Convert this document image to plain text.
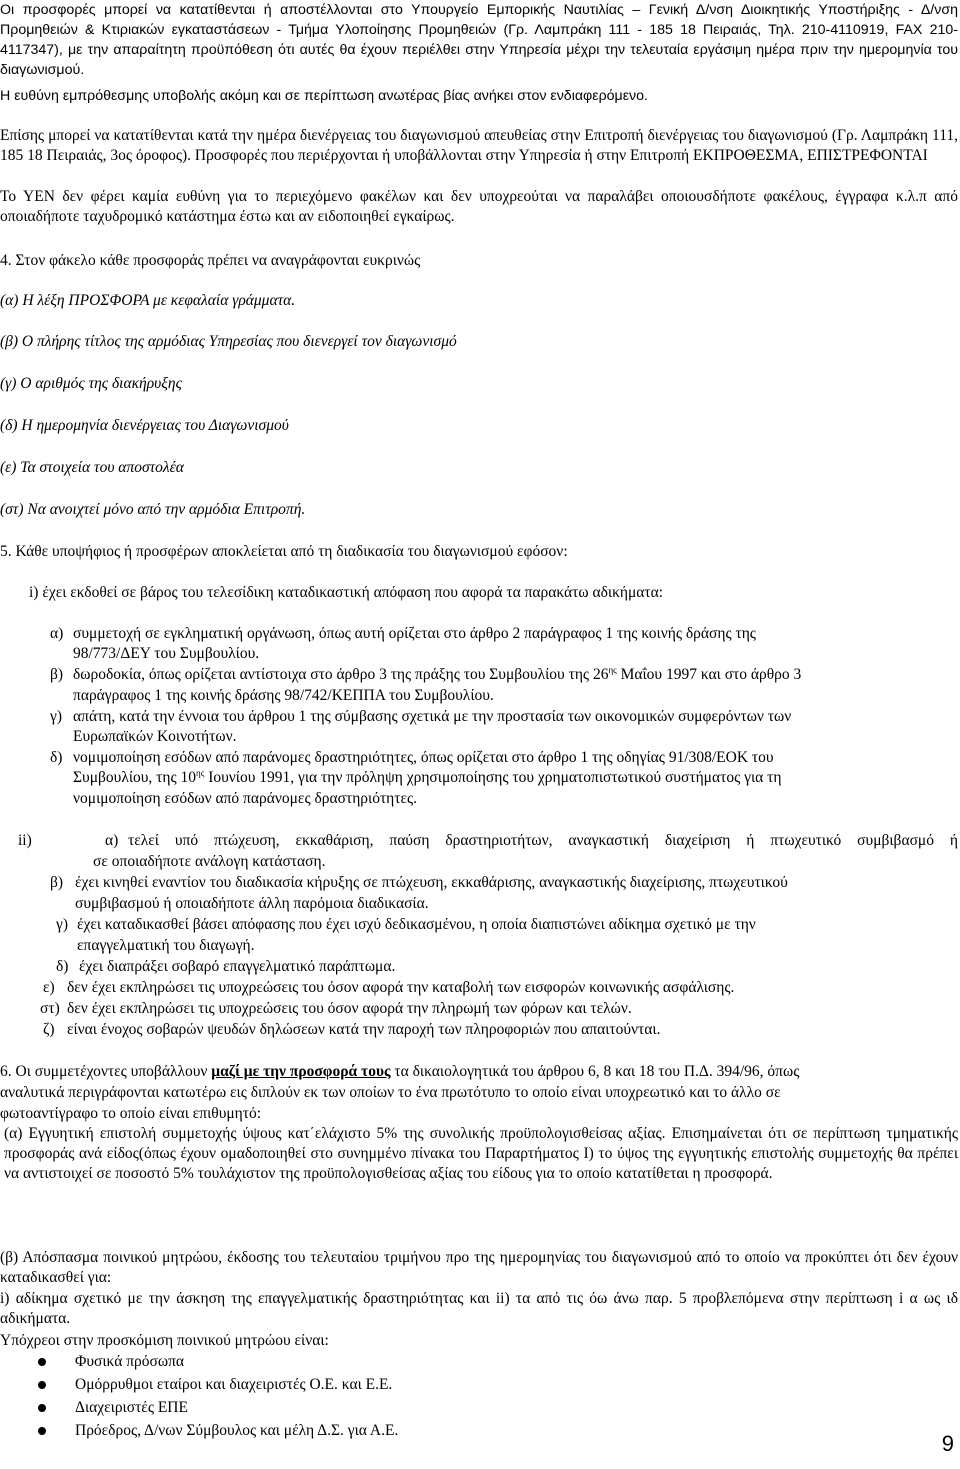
Οι προσφορές μπορεί να κατατίθενται ή αποστέλλονται στο Υπουργείο Εμπορικής Ναυτιλίας – Γενική Δ/νση Διοικητικής Υποστήριξης - Δ/νση Προμηθειών & Κτιριακών εγκαταστάσεων - Τμήμα Υλοποίησης Προμηθειών (Γρ. Λαμπράκη 111 - 185 18 Πειραιάς, Τηλ. 210-4110919, FAX 210-4117347), με την απαραίτητη προϋπόθεση ότι αυτές θα έχουν περιέλθει στην Υπηρεσία μέχρι την τελευταία εργάσιμη ημέρα πριν την ημερομηνία του διαγωνισμού.

Η ευθύνη εμπρόθεσμης υποβολής ακόμη και σε περίπτωση ανωτέρας βίας ανήκει στον ενδιαφερόμενο.

Επίσης μπορεί να κατατίθενται κατά την ημέρα διενέργειας του διαγωνισμού απευθείας στην Επιτροπή διενέργειας του διαγωνισμού (Γρ. Λαμπράκη 111, 185 18 Πειραιάς, 3ος όροφος). Προσφορές που περιέρχονται ή υποβάλλονται στην Υπηρεσία ή στην Επιτροπή ΕΚΠΡΟΘΕΣΜΑ, ΕΠΙΣΤΡΕΦΟΝΤΑΙ

Το ΥΕΝ δεν φέρει καμία ευθύνη για το περιεχόμενο φακέλων και δεν υποχρεούται να παραλάβει οποιουσδήποτε φακέλους, έγγραφα κ.λ.π από οποιαδήποτε ταχυδρομικό κατάστημα έστω και αν ειδοποιηθεί εγκαίρως.

4. Στον φάκελο κάθε προσφοράς πρέπει να αναγράφονται ευκρινώς

(α) Η λέξη ΠΡΟΣΦΟΡΑ με κεφαλαία γράμματα.

(β) Ο πλήρης τίτλος της αρμόδιας Υπηρεσίας που διενεργεί τον διαγωνισμό

(γ) Ο αριθμός της διακήρυξης

(δ) Η ημερομηνία διενέργειας του Διαγωνισμού

(ε) Τα στοιχεία του αποστολέα

(στ) Να ανοιχτεί μόνο από την αρμόδια Επιτροπή.

5. Κάθε υποψήφιος ή προσφέρων αποκλείεται από τη διαδικασία του διαγωνισμού εφόσον:

i) έχει εκδοθεί σε βάρος του τελεσίδικη καταδικαστική απόφαση που αφορά τα παρακάτω αδικήματα:

α) συμμετοχή σε εγκληματική οργάνωση, όπως αυτή ορίζεται στο άρθρο 2 παράγραφος 1 της κοινής δράσης της
98/773/ΔΕΥ του Συμβουλίου.
β) δωροδοκία, όπως ορίζεται αντίστοιχα στο άρθρο 3 της πράξης του Συμβουλίου της $26^{\eta\varsigma}$ Μαΐου 1997 και στο άρθρο 3
παράγραφος 1 της κοινής δράσης 98/742/ΚΕΠΠΑ του Συμβουλίου.
γ) απάτη, κατά την έννοια του άρθρου 1 της σύμβασης σχετικά με την προστασία των οικονομικών συμφερόντων των
Ευρωπαϊκών Κοινοτήτων.
δ) νομιμοποίηση εσόδων από παράνομες δραστηριότητες, όπως ορίζεται στο άρθρο 1 της οδηγίας 91/308/ΕΟΚ του
Συμβουλίου, της $10^{\eta\varsigma}$ Ιουνίου 1991, για την πρόληψη χρησιμοποίησης του χρηματοπιστωτικού συστήματος για τη
νομιμοποίηση εσόδων από παράνομες δραστηριότητες.
ii)	α) τελεί υπό πτώχευση, εκκαθάριση, παύση δραστηριοτήτων, αναγκαστική διαχείριση ή πτωχευτικό συμβιβασμό ή
σε οποιαδήποτε ανάλογη κατάσταση.
β) έχει κινηθεί εναντίον του διαδικασία κήρυξης σε πτώχευση, εκκαθάρισης, αναγκαστικής διαχείρισης, πτωχευτικού
συμβιβασμού ή οποιαδήποτε άλλη παρόμοια διαδικασία.
γ) έχει καταδικασθεί βάσει απόφασης που έχει ισχύ δεδικασμένου, η οποία διαπιστώνει αδίκημα σχετικό με την
επαγγελματική του διαγωγή.
δ) έχει διαπράξει σοβαρό επαγγελματικό παράπτωμα.
ε) δεν έχει εκπληρώσει τις υποχρεώσεις του όσον αφορά την καταβολή των εισφορών κοινωνικής ασφάλισης.
στ) δεν έχει εκπληρώσει τις υποχρεώσεις του όσον αφορά την πληρωμή των φόρων και τελών.
ζ) είναι ένοχος σοβαρών ψευδών δηλώσεων κατά την παροχή των πληροφοριών που απαιτούνται.

6. Οι συμμετέχοντες υποβάλλουν μαζί με την προσφορά τους τα δικαιολογητικά του άρθρου 6, 8 και 18 του Π.Δ. 394/96, όπως

αναλυτικά περιγράφονται κατωτέρω εις διπλούν εκ των οποίων το ένα πρωτότυπο το οποίο είναι υποχρεωτικό και το άλλο σε

φωτοαντίγραφο το οποίο είναι επιθυμητό:

(α) Εγγυητική επιστολή συμμετοχής ύψους κατ΄ελάχιστο 5% της συνολικής προϋπολογισθείσας αξίας. Επισημαίνεται ότι σε περίπτωση τμηματικής προσφοράς ανά είδος(όπως έχουν ομαδοποιηθεί στο συνημμένο πίνακα του Παραρτήματος Ι) το ύψος της εγγυητικής επιστολής συμμετοχής θα πρέπει να αντιστοιχεί σε ποσοστό 5% τουλάχιστον της προϋπολογισθείσας αξίας του είδους για το οποίο κατατίθεται η προσφορά.

(β) Απόσπασμα ποινικού μητρώου, έκδοσης του τελευταίου τριμήνου προ της ημερομηνίας του διαγωνισμού από το οποίο να προκύπτει ότι δεν έχουν καταδικασθεί για:

i) αδίκημα σχετικό με την άσκηση της επαγγελματικής δραστηριότητας και ii) τα από τις όω άνω παρ. 5 προβλεπόμενα στην περίπτωση i α ως ιδ αδικήματα.

Υπόχρεοι στην προσκόμιση ποινικού μητρώου είναι:

Φυσικά πρόσωπα
Ομόρρυθμοι εταίροι και διαχειριστές Ο.Ε. και Ε.Ε.
Διαχειριστές ΕΠΕ
Πρόεδρος, Δ/νων Σύμβουλος και μέλη Δ.Σ. για Α.Ε.
9
